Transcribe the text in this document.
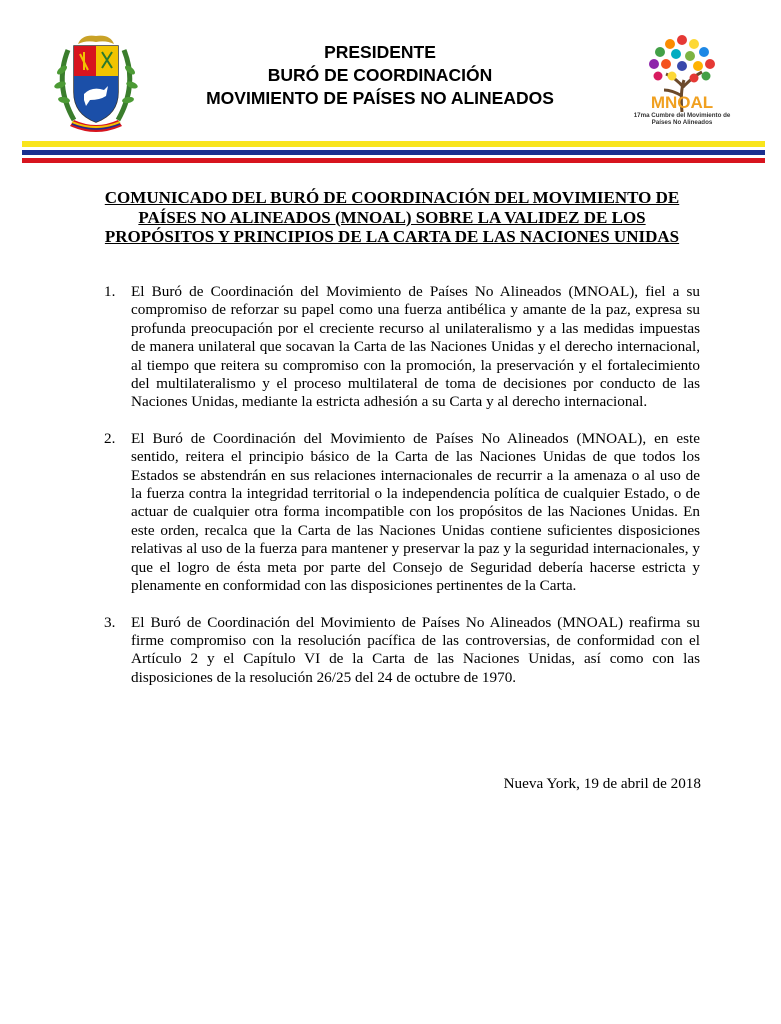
PRESIDENTE
BURÓ DE COORDINACIÓN
MOVIMIENTO DE PAÍSES NO ALINEADOS	MNOAL
17ma Cumbre del Movimiento de Países No Alineados
COMUNICADO DEL BURÓ DE COORDINACIÓN DEL MOVIMIENTO DE
PAÍSES NO ALINEADOS (MNOAL) SOBRE LA VALIDEZ DE LOS
PROPÓSITOS Y PRINCIPIOS DE LA CARTA DE LAS NACIONES UNIDAS
1. El Buró de Coordinación del Movimiento de Países No Alineados (MNOAL), fiel a su compromiso de reforzar su papel como una fuerza antibélica y amante de la paz, expresa su profunda preocupación por el creciente recurso al unilateralismo y a las medidas impuestas de manera unilateral que socavan la Carta de las Naciones Unidas y el derecho internacional, al tiempo que reitera su compromiso con la promoción, la preservación y el fortalecimiento del multilateralismo y el proceso multilateral de toma de decisiones por conducto de las Naciones Unidas, mediante la estricta adhesión a su Carta y al derecho internacional.

2. El Buró de Coordinación del Movimiento de Países No Alineados (MNOAL), en este sentido, reitera el principio básico de la Carta de las Naciones Unidas de que todos los Estados se abstendrán en sus relaciones internacionales de recurrir a la amenaza o al uso de la fuerza contra la integridad territorial o la independencia política de cualquier Estado, o de actuar de cualquier otra forma incompatible con los propósitos de las Naciones Unidas. En este orden, recalca que la Carta de las Naciones Unidas contiene suficientes disposiciones relativas al uso de la fuerza para mantener y preservar la paz y la seguridad internacionales, y que el logro de ésta meta por parte del Consejo de Seguridad debería hacerse estricta y plenamente en conformidad con las disposiciones pertinentes de la Carta.

3. El Buró de Coordinación del Movimiento de Países No Alineados (MNOAL) reafirma su firme compromiso con la resolución pacífica de las controversias, de conformidad con el Artículo 2 y el Capítulo VI de la Carta de las Naciones Unidas, así como con las disposiciones de la resolución 26/25 del 24 de octubre de 1970.

Nueva York, 19 de abril de 2018
